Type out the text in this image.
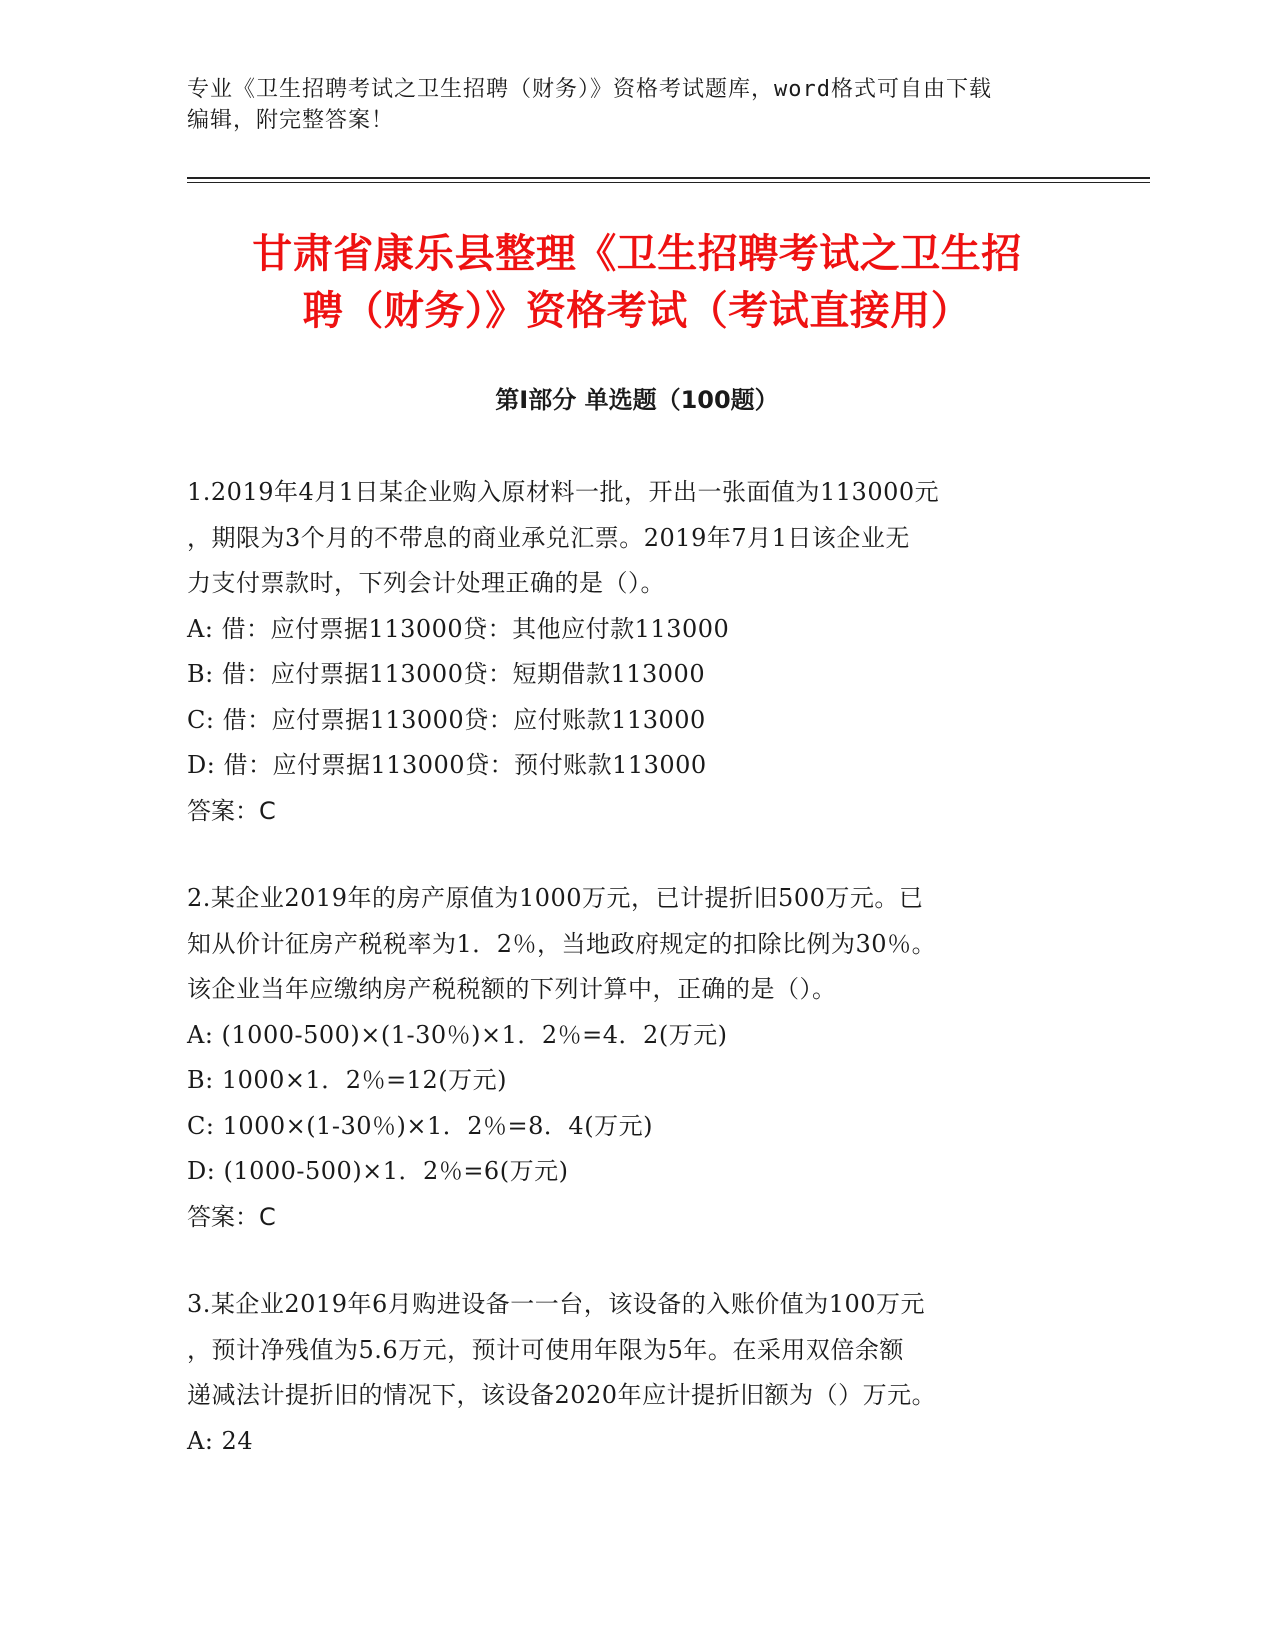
专业《卫生招聘考试之卫生招聘（财务）》资格考试题库，word格式可自由下载
编辑，附完整答案！
甘肃省康乐县整理《卫生招聘考试之卫生招
聘（财务）》资格考试（考试直接用）
第Ⅰ部分 单选题（100题）
1.2019年4月1日某企业购入原材料一批，开出一张面值为113000元
，期限为3个月的不带息的商业承兑汇票。2019年7月1日该企业无
力支付票款时，下列会计处理正确的是（）。
A: 借：应付票据113000贷：其他应付款113000
B: 借：应付票据113000贷：短期借款113000
C: 借：应付票据113000贷：应付账款113000
D: 借：应付票据113000贷：预付账款113000
答案：C
2.某企业2019年的房产原值为1000万元，已计提折旧500万元。已
知从价计征房产税税率为1．2％，当地政府规定的扣除比例为30％。
该企业当年应缴纳房产税税额的下列计算中，正确的是（）。
A: (1000-500)×(1-30％)×1．2％=4．2(万元)
B: 1000×1．2％=12(万元)
C: 1000×(1-30％)×1．2％=8．4(万元)
D: (1000-500)×1．2％=6(万元)
答案：C
3.某企业2019年6月购进设备一一台，该设备的入账价值为100万元
，预计净残值为5.6万元，预计可使用年限为5年。在采用双倍余额
递减法计提折旧的情况下，该设备2020年应计提折旧额为（）万元。
A: 24
